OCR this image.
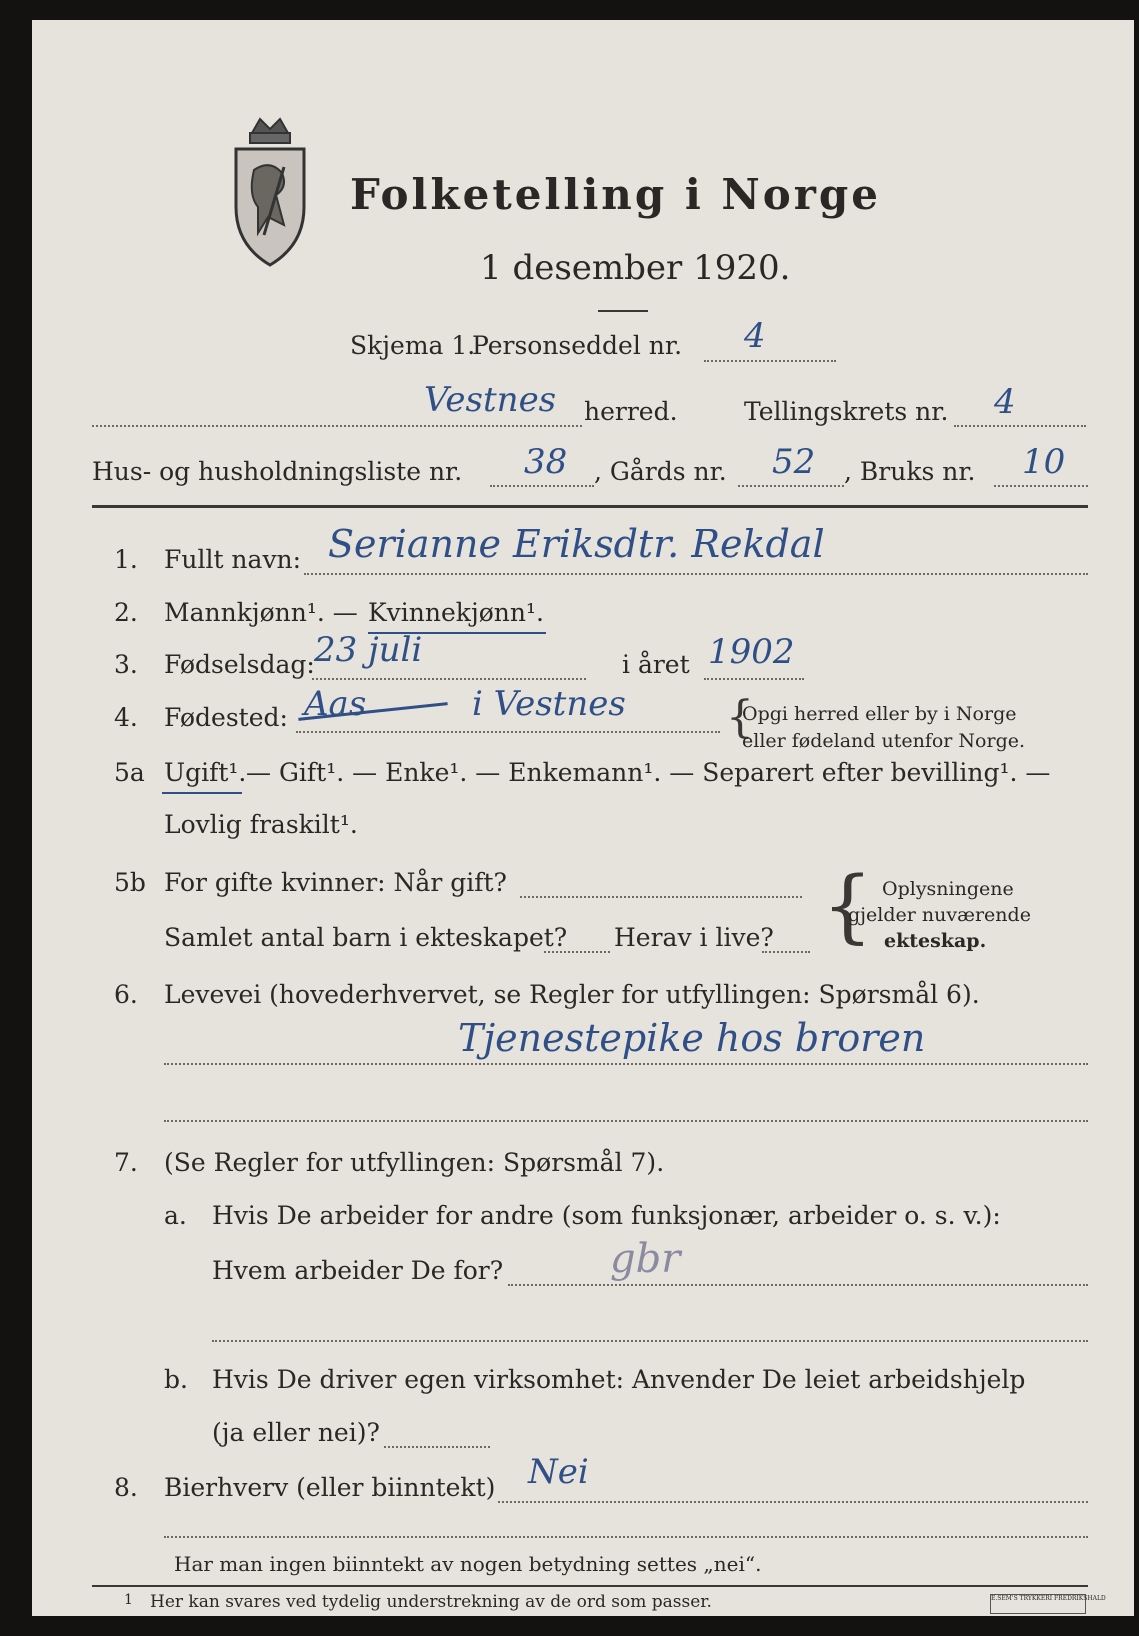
Folketelling i Norge
1 desember 1920.
Skjema 1.
Personseddel nr. 4
Vestnes herred.	Tellingskrets nr. 4
Hus- og husholdningsliste nr. 38 , Gårds nr. 52 , Bruks nr. 10
1. Fullt navn: Serianne Eriksdtr. Rekdal
2. Mannkjønn¹. — Kvinnekjønn¹.
3. Fødselsdag: 23 juli	i året 1902
4. Fødested: Aas	i Vestnes {
Opgi herred eller by i Norge
eller fødeland utenfor Norge.
5a Ugift¹. — Gift¹. — Enke¹. — Enkemann¹. — Separert efter bevilling¹. —
Lovlig fraskilt¹.
5b For gifte kvinner: Når gift?
Samlet antal barn i ekteskapet? Herav i live? { Oplysningene
gjelder nuværende
ekteskap.
6. Levevei (hovederhvervet, se Regler for utfyllingen: Spørsmål 6).
Tjenestepike hos broren
7. (Se Regler for utfyllingen: Spørsmål 7).
a. Hvis De arbeider for andre (som funksjonær, arbeider o. s. v.):
Hvem arbeider De for?	gbr
b. Hvis De driver egen virksomhet: Anvender De leiet arbeidshjelp
(ja eller nei)?
8. Bierhverv (eller biinntekt) Nei
Har man ingen biinntekt av nogen betydning settes „nei“.
1 Her kan svares ved tydelig understrekning av de ord som passer.	E.SEM'S TRYKKERI FREDRIKSHALD
